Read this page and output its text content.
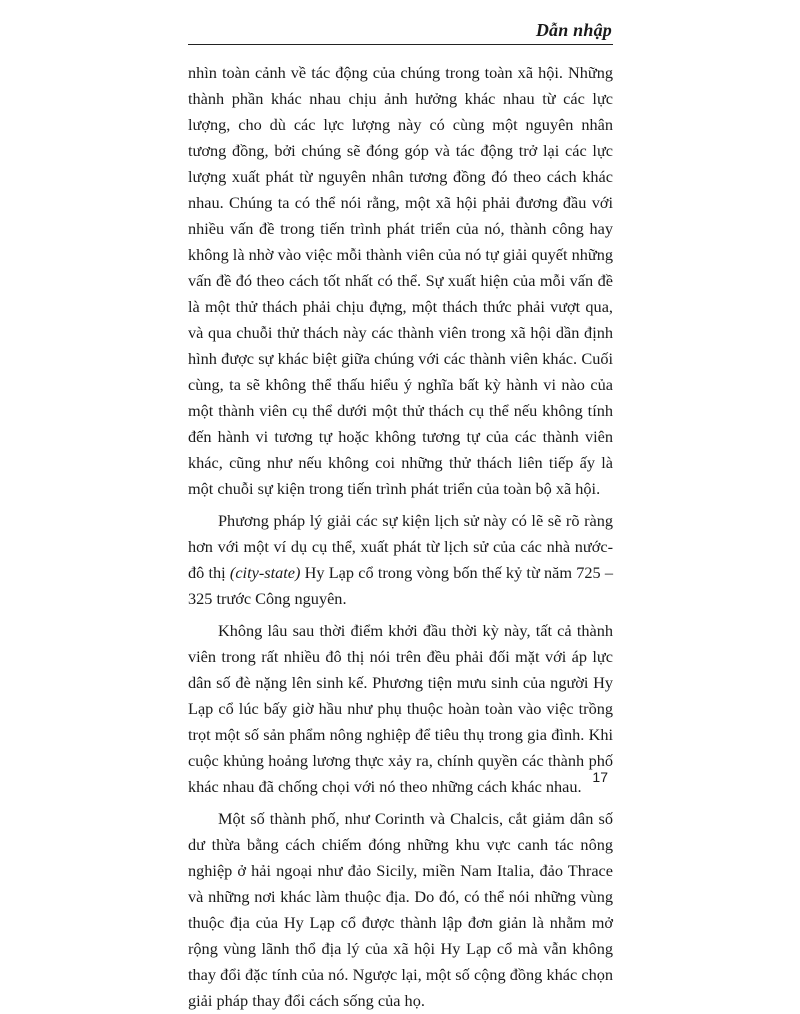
Dẫn nhập

nhìn toàn cảnh về tác động của chúng trong toàn xã hội. Những thành phần khác nhau chịu ảnh hưởng khác nhau từ các lực lượng, cho dù các lực lượng này có cùng một nguyên nhân tương đồng, bởi chúng sẽ đóng góp và tác động trở lại các lực lượng xuất phát từ nguyên nhân tương đồng đó theo cách khác nhau. Chúng ta có thể nói rằng, một xã hội phải đương đầu với nhiều vấn đề trong tiến trình phát triển của nó, thành công hay không là nhờ vào việc mỗi thành viên của nó tự giải quyết những vấn đề đó theo cách tốt nhất có thể. Sự xuất hiện của mỗi vấn đề là một thử thách phải chịu đựng, một thách thức phải vượt qua, và qua chuỗi thử thách này các thành viên trong xã hội dần định hình được sự khác biệt giữa chúng với các thành viên khác. Cuối cùng, ta sẽ không thể thấu hiểu ý nghĩa bất kỳ hành vi nào của một thành viên cụ thể dưới một thử thách cụ thể nếu không tính đến hành vi tương tự hoặc không tương tự của các thành viên khác, cũng như nếu không coi những thử thách liên tiếp ấy là một chuỗi sự kiện trong tiến trình phát triển của toàn bộ xã hội.

Phương pháp lý giải các sự kiện lịch sử này có lẽ sẽ rõ ràng hơn với một ví dụ cụ thể, xuất phát từ lịch sử của các nhà nước-đô thị (city-state) Hy Lạp cổ trong vòng bốn thế kỷ từ năm 725 – 325 trước Công nguyên.

Không lâu sau thời điểm khởi đầu thời kỳ này, tất cả thành viên trong rất nhiều đô thị nói trên đều phải đối mặt với áp lực dân số đè nặng lên sinh kế. Phương tiện mưu sinh của người Hy Lạp cổ lúc bấy giờ hầu như phụ thuộc hoàn toàn vào việc trồng trọt một số sản phẩm nông nghiệp để tiêu thụ trong gia đình. Khi cuộc khủng hoảng lương thực xảy ra, chính quyền các thành phố khác nhau đã chống chọi với nó theo những cách khác nhau.

Một số thành phố, như Corinth và Chalcis, cắt giảm dân số dư thừa bằng cách chiếm đóng những khu vực canh tác nông nghiệp ở hải ngoại như đảo Sicily, miền Nam Italia, đảo Thrace và những nơi khác làm thuộc địa. Do đó, có thể nói những vùng thuộc địa của Hy Lạp cổ được thành lập đơn giản là nhằm mở rộng vùng lãnh thổ địa lý của xã hội Hy Lạp cổ mà vẫn không thay đổi đặc tính của nó. Ngược lại, một số cộng đồng khác chọn giải pháp thay đổi cách sống của họ.

17
